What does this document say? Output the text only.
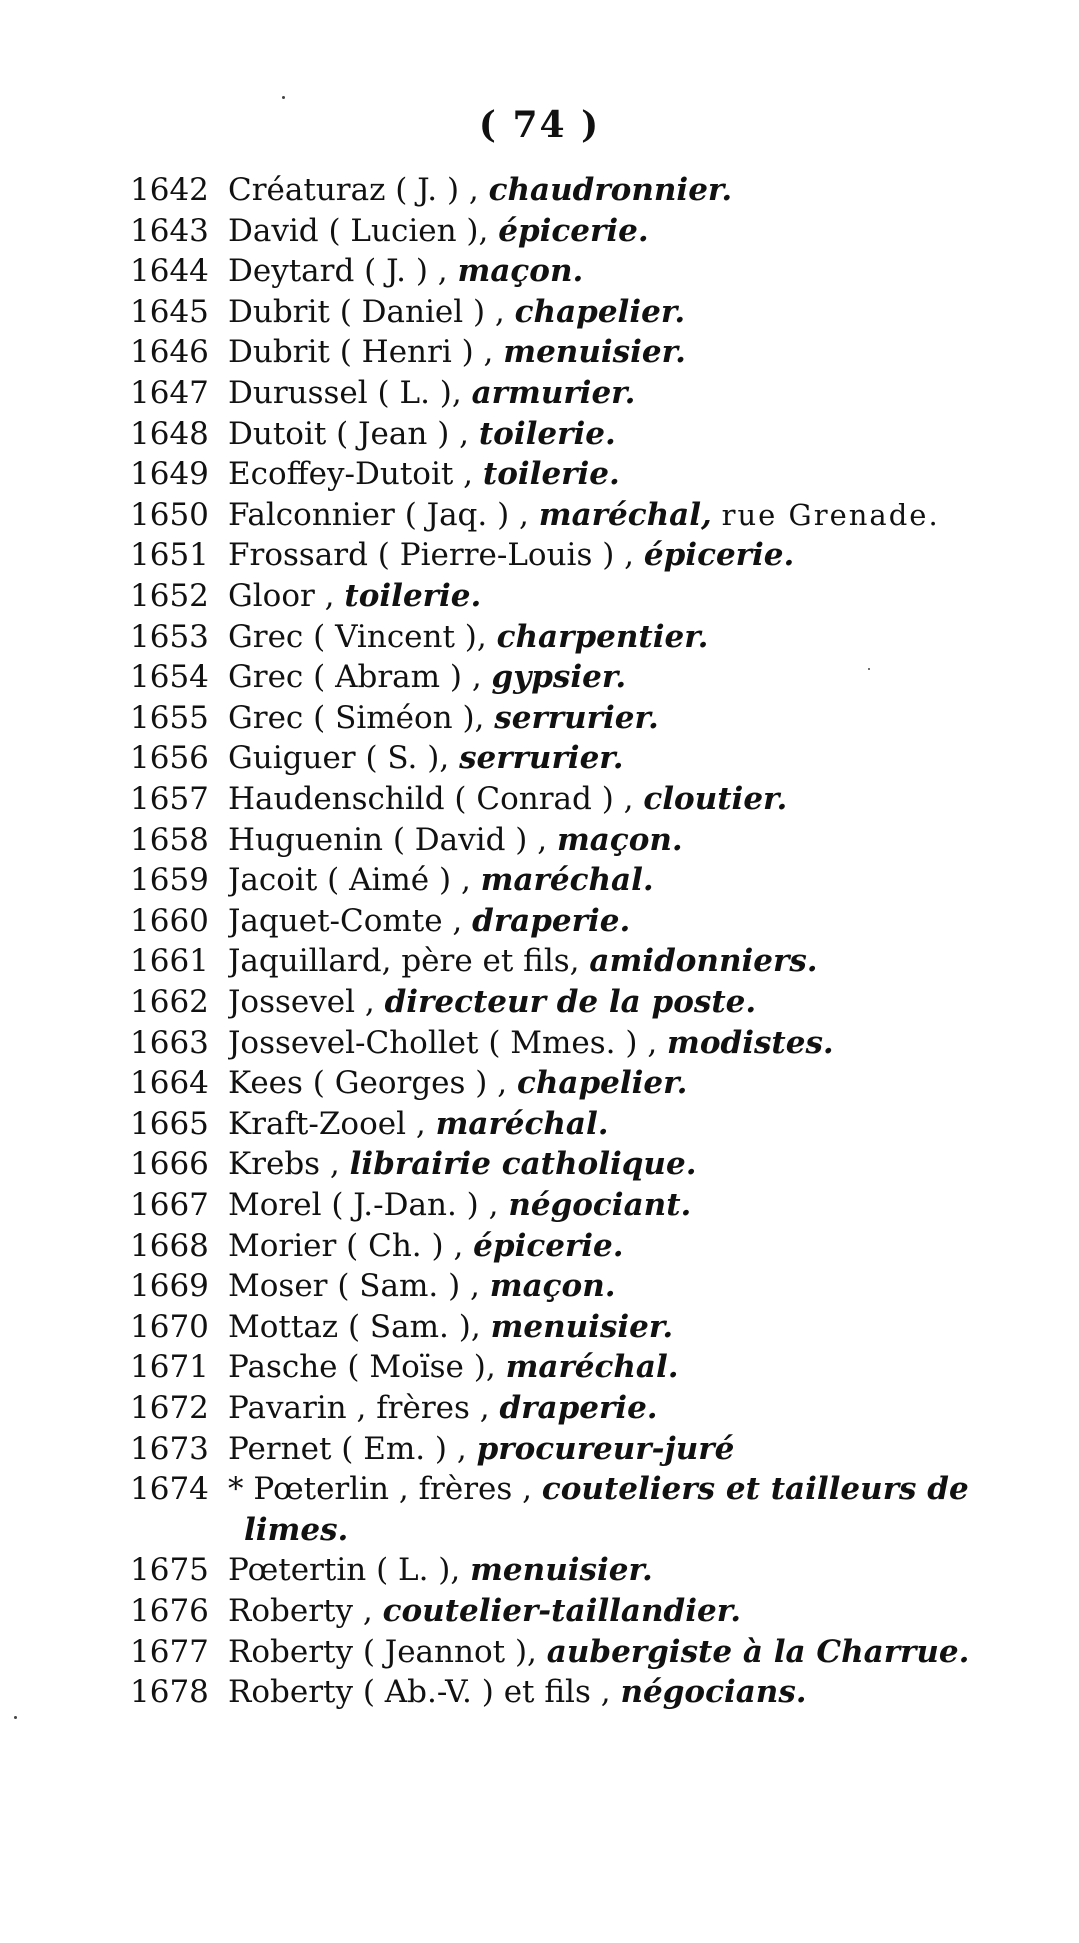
( 74 )
1642 Créaturaz ( J. ) , chaudronnier.
1643 David ( Lucien ), épicerie.
1644 Deytard ( J. ) , maçon.
1645 Dubrit ( Daniel ) , chapelier.
1646 Dubrit ( Henri ) , menuisier.
1647 Durussel ( L. ), armurier.
1648 Dutoit ( Jean ) , toilerie.
1649 Ecoffey-Dutoit , toilerie.
1650 Falconnier ( Jaq. ) , maréchal, rue Grenade.
1651 Frossard ( Pierre-Louis ) , épicerie.
1652 Gloor , toilerie.
1653 Grec ( Vincent ), charpentier.
1654 Grec ( Abram ) , gypsier.
1655 Grec ( Siméon ), serrurier.
1656 Guiguer ( S. ), serrurier.
1657 Haudenschild ( Conrad ) , cloutier.
1658 Huguenin ( David ) , maçon.
1659 Jacoit ( Aimé ) , maréchal.
1660 Jaquet-Comte , draperie.
1661 Jaquillard, père et fils, amidonniers.
1662 Jossevel , directeur de la poste.
1663 Jossevel-Chollet ( Mmes. ) , modistes.
1664 Kees ( Georges ) , chapelier.
1665 Kraft-Zooel , maréchal.
1666 Krebs , librairie catholique.
1667 Morel ( J.-Dan. ) , négociant.
1668 Morier ( Ch. ) , épicerie.
1669 Moser ( Sam. ) , maçon.
1670 Mottaz ( Sam. ), menuisier.
1671 Pasche ( Moïse ), maréchal.
1672 Pavarin , frères , draperie.
1673 Pernet ( Em. ) , procureur-juré
1674 * Pœterlin , frères , couteliers et tailleurs de
limes.
1675 Pœtertin ( L. ), menuisier.
1676 Roberty , coutelier-taillandier.
1677 Roberty ( Jeannot ), aubergiste à la Charrue.
1678 Roberty ( Ab.-V. ) et fils , négocians.
